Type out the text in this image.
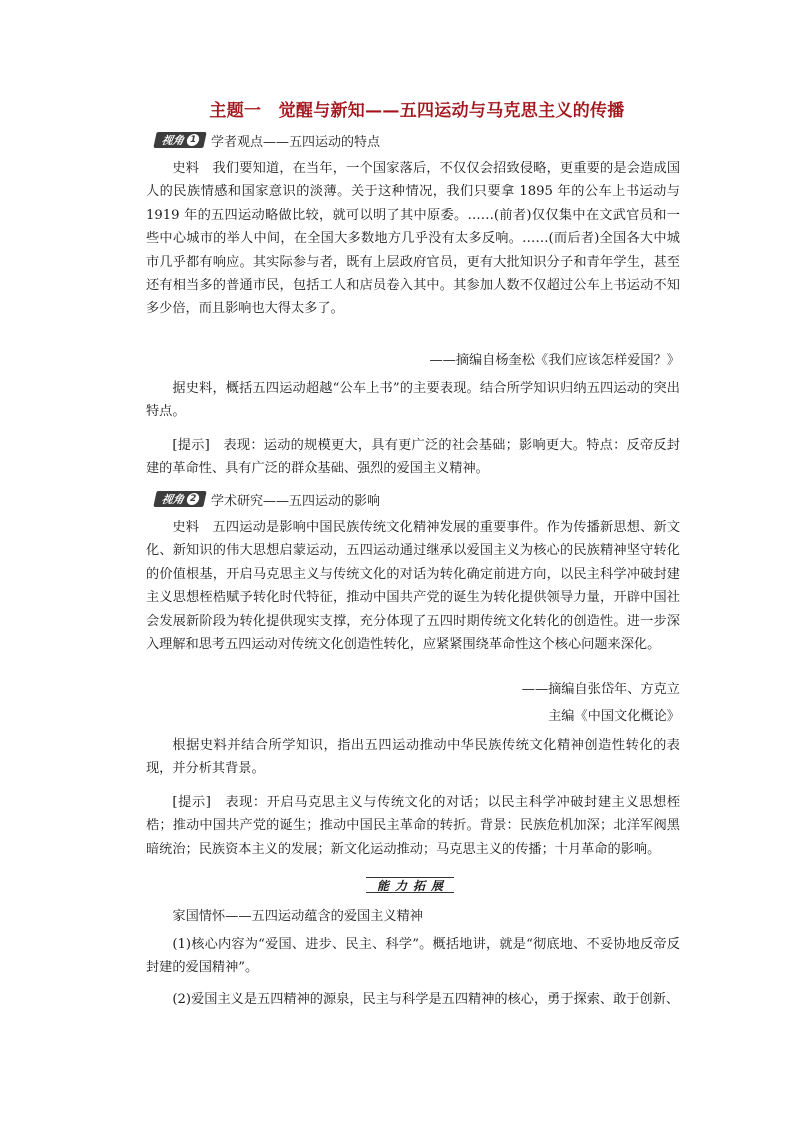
主题一　觉醒与新知——五四运动与马克思主义的传播
视角 1 学者观点——五四运动的特点
史料　 我们要知道，在当年，一个国家落后，不仅仅会招致侵略，更重要的是会造成国人的民族情感和国家意识的淡薄。关于这种情况，我们只要拿 1895 年的公车上书运动与 1919 年的五四运动略做比较，就可以明了其中原委。……(前者)仅仅集中在文武官员和一些中心城市的举人中间，在全国大多数地方几乎没有太多反响。……(而后者)全国各大中城市几乎都有响应。其实际参与者，既有上层政府官员，更有大批知识分子和青年学生，甚至还有相当多的普通市民，包括工人和店员卷入其中。其参加人数不仅超过公车上书运动不知多少倍，而且影响也大得太多了。
——摘编自杨奎松《我们应该怎样爱国？》
据史料，概括五四运动超越“公车上书”的主要表现。结合所学知识归纳五四运动的突出特点。
[提示]　 表现：运动的规模更大，具有更广泛的社会基础；影响更大。特点：反帝反封建的革命性、具有广泛的群众基础、强烈的爱国主义精神。
视角 2 学术研究——五四运动的影响
史料　 五四运动是影响中国民族传统文化精神发展的重要事件。作为传播新思想、新文化、新知识的伟大思想启蒙运动，五四运动通过继承以爱国主义为核心的民族精神坚守转化的价值根基，开启马克思主义与传统文化的对话为转化确定前进方向，以民主科学冲破封建主义思想桎梏赋予转化时代特征，推动中国共产党的诞生为转化提供领导力量，开辟中国社会发展新阶段为转化提供现实支撑，充分体现了五四时期传统文化转化的创造性。进一步深入理解和思考五四运动对传统文化创造性转化，应紧紧围绕革命性这个核心问题来深化。
——摘编自张岱年、方克立
主编《中国文化概论》
根据史料并结合所学知识，指出五四运动推动中华民族传统文化精神创造性转化的表现，并分析其背景。
[提示]　 表现：开启马克思主义与传统文化的对话；以民主科学冲破封建主义思想桎梏；推动中国共产党的诞生；推动中国民主革命的转折。背景：民族危机加深；北洋军阀黑暗统治；民族资本主义的发展；新文化运动推动；马克思主义的传播；十月革命的影响。
能力拓展
家国情怀——五四运动蕴含的爱国主义精神
(1)核心内容为“爱国、进步、民主、科学”。概括地讲，就是“彻底地、不妥协地反帝反封建的爱国精神”。
(2)爱国主义是五四精神的源泉，民主与科学是五四精神的核心，勇于探索、敢于创新、
